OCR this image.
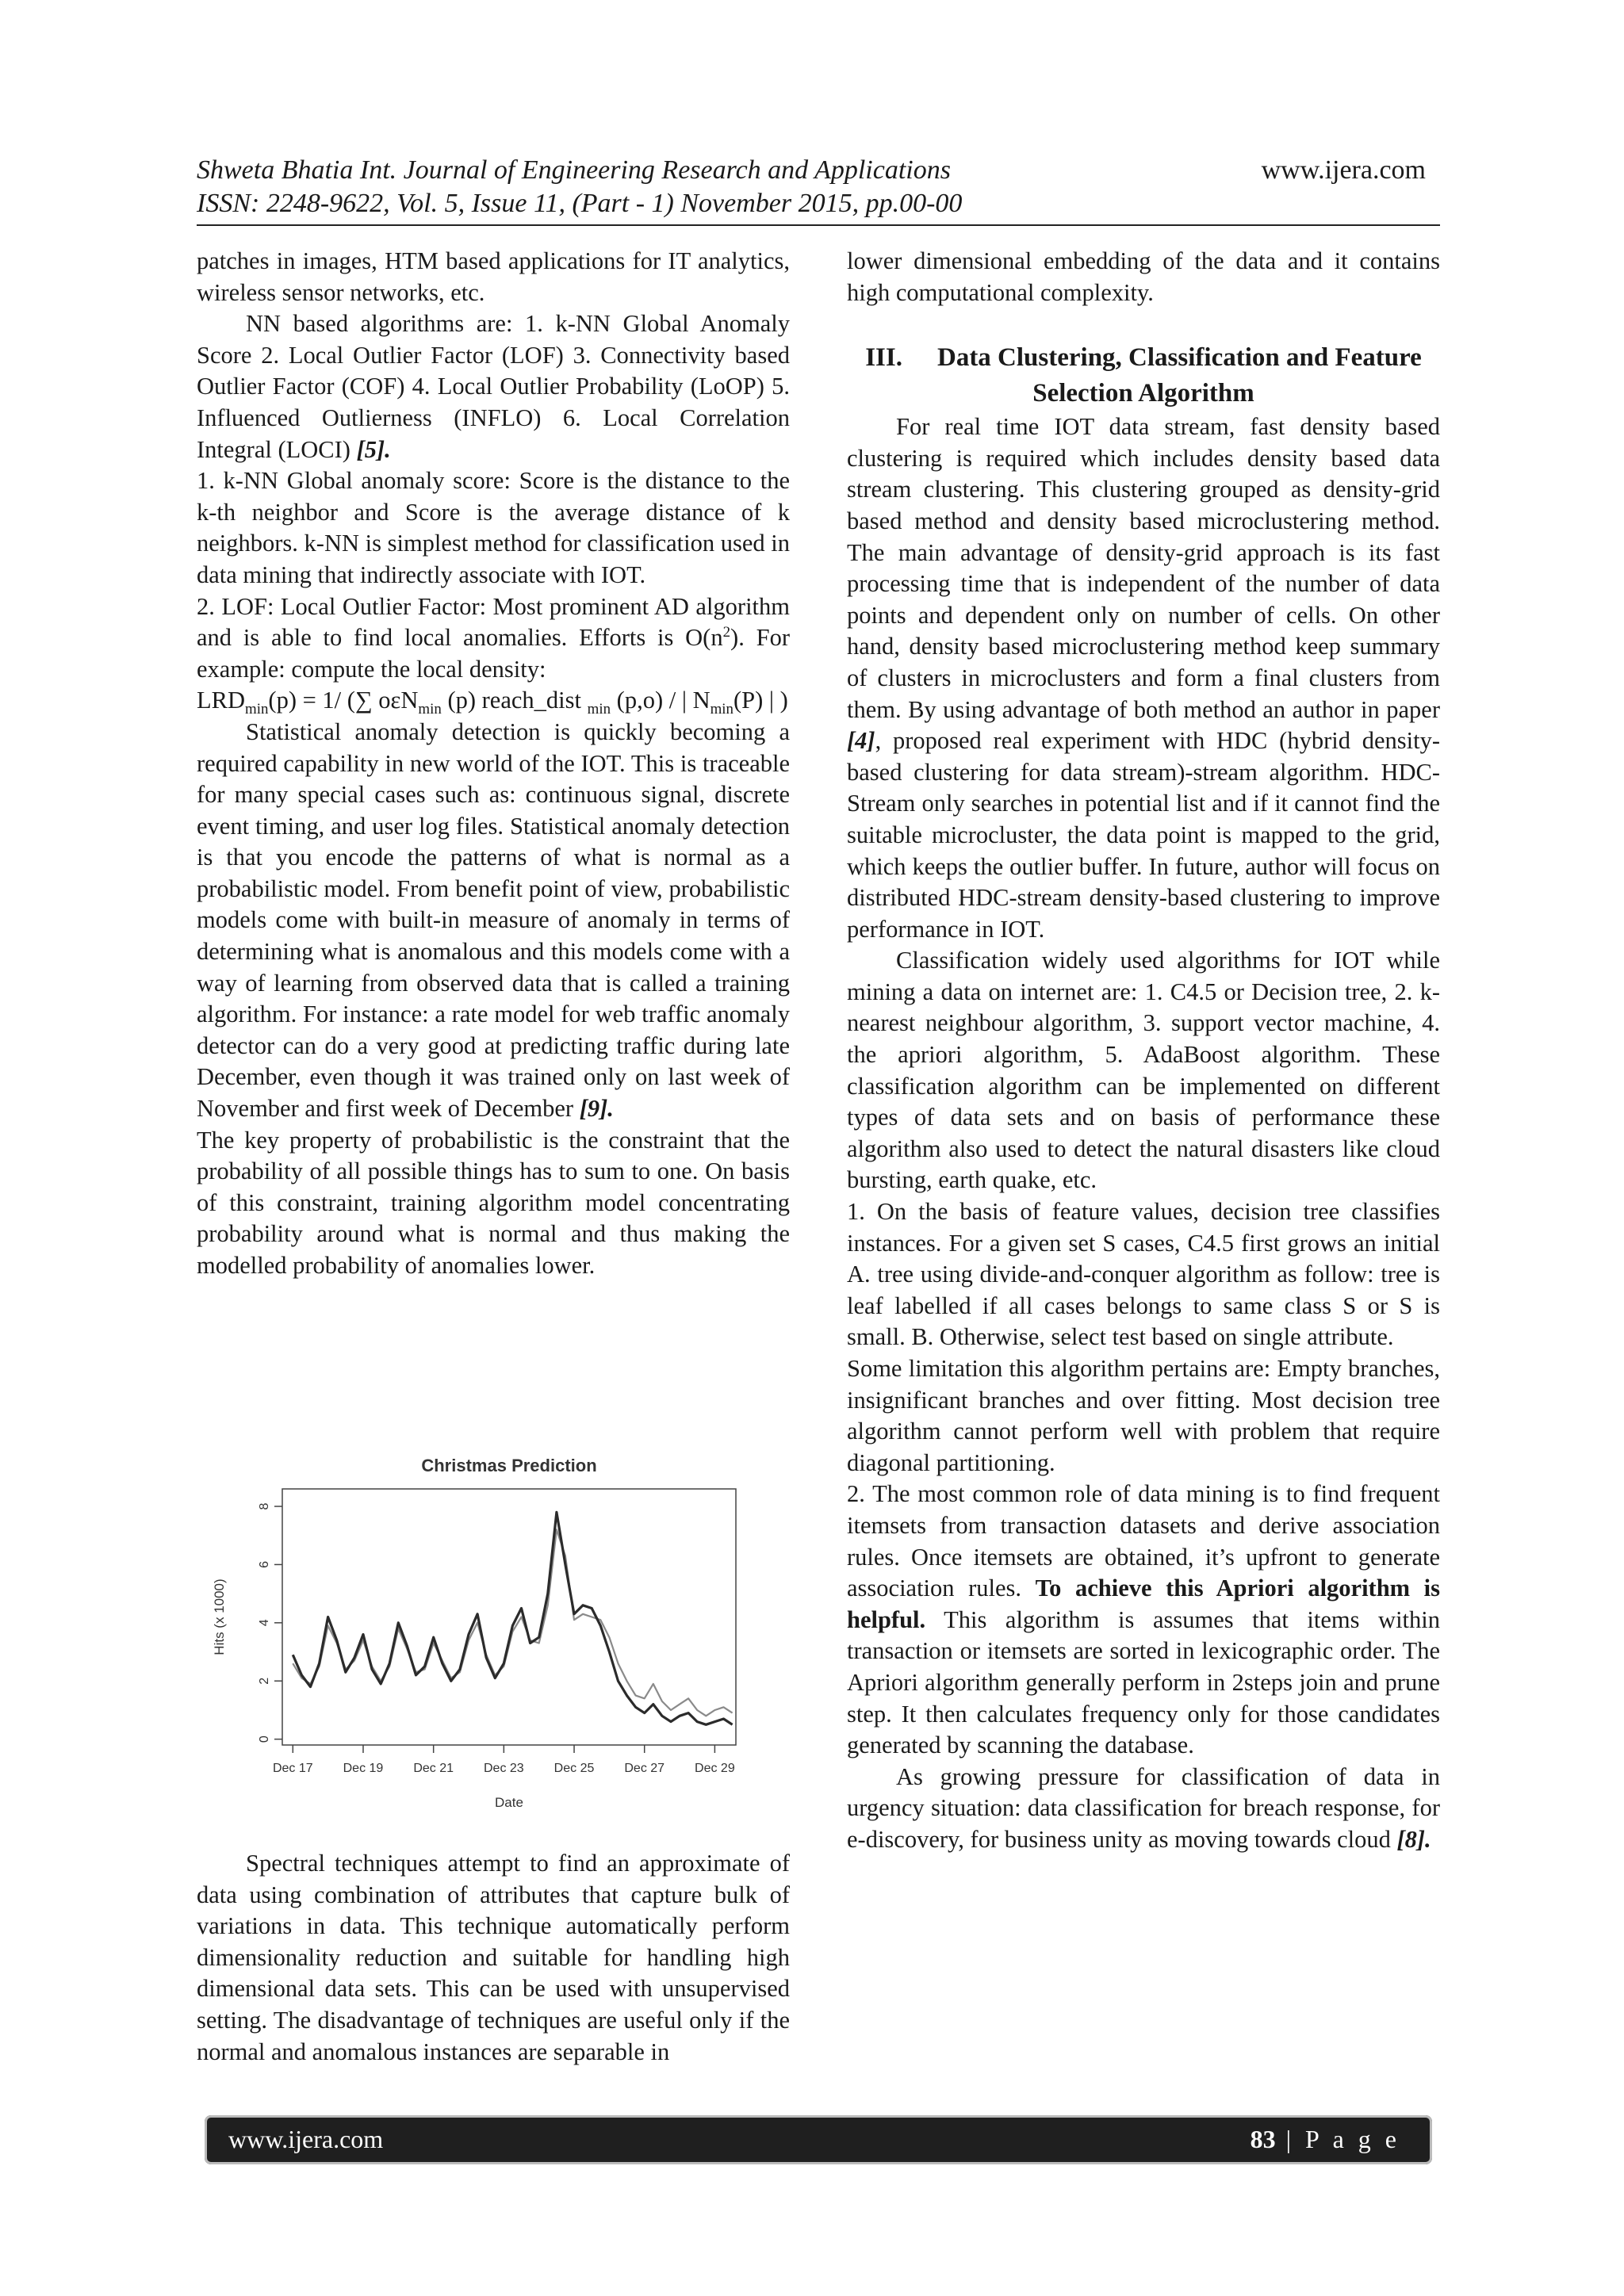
Shweta Bhatia Int. Journal of Engineering Research and Applications
ISSN: 2248-9622, Vol. 5, Issue 11, (Part - 1) November 2015, pp.00-00
www.ijera.com

patches in images, HTM based applications for IT analytics, wireless sensor networks, etc.

NN based algorithms are: 1. k-NN Global Anomaly Score 2. Local Outlier Factor (LOF) 3. Connectivity based Outlier Factor (COF) 4. Local Outlier Probability (LoOP) 5. Influenced Outlierness (INFLO) 6. Local Correlation Integral (LOCI) [5].

1. k-NN Global anomaly score: Score is the distance to the k-th neighbor and Score is the average distance of k neighbors. k-NN is simplest method for classification used in data mining that indirectly associate with IOT.

2. LOF: Local Outlier Factor: Most prominent AD algorithm and is able to find local anomalies. Efforts is $O(n^2)$. For example: compute the local density:

$LRD_{min}(p) = 1/$ (∑ oεN$_{min}$ (p) reach_dist $_{min}$ (p,o) / | $N_{min}(P)$ | )

Statistical anomaly detection is quickly becoming a required capability in new world of the IOT. This is traceable for many special cases such as: continuous signal, discrete event timing, and user log files. Statistical anomaly detection is that you encode the patterns of what is normal as a probabilistic model. From benefit point of view, probabilistic models come with built-in measure of anomaly in terms of determining what is anomalous and this models come with a way of learning from observed data that is called a training algorithm. For instance: a rate model for web traffic anomaly detector can do a very good at predicting traffic during late December, even though it was trained only on last week of November and first week of December [9].

The key property of probabilistic is the constraint that the probability of all possible things has to sum to one. On basis of this constraint, training algorithm model concentrating probability around what is normal and thus making the modelled probability of anomalies lower.

Christmas Prediction
0
2
4
6
8
Dec 17 Dec 19 Dec 21 Dec 23 Dec 25 Dec 27 Dec 29
Date
Hits (x 1000)

Spectral techniques attempt to find an approximate of data using combination of attributes that capture bulk of variations in data. This technique automatically perform dimensionality reduction and suitable for handling high dimensional data sets. This can be used with unsupervised setting. The disadvantage of techniques are useful only if the normal and anomalous instances are separable in

lower dimensional embedding of the data and it contains high computational complexity.

III. Data Clustering, Classification and Feature Selection Algorithm

For real time IOT data stream, fast density based clustering is required which includes density based data stream clustering. This clustering grouped as density-grid based method and density based microclustering method. The main advantage of density-grid approach is its fast processing time that is independent of the number of data points and dependent only on number of cells. On other hand, density based microclustering method keep summary of clusters in microclusters and form a final clusters from them. By using advantage of both method an author in paper [4], proposed real experiment with HDC (hybrid density-based clustering for data stream)-stream algorithm. HDC-Stream only searches in potential list and if it cannot find the suitable microcluster, the data point is mapped to the grid, which keeps the outlier buffer. In future, author will focus on distributed HDC-stream density-based clustering to improve performance in IOT.

Classification widely used algorithms for IOT while mining a data on internet are: 1. C4.5 or Decision tree, 2. k-nearest neighbour algorithm, 3. support vector machine, 4. the apriori algorithm, 5. AdaBoost algorithm. These classification algorithm can be implemented on different types of data sets and on basis of performance these algorithm also used to detect the natural disasters like cloud bursting, earth quake, etc.

1. On the basis of feature values, decision tree classifies instances. For a given set S cases, C4.5 first grows an initial A. tree using divide-and-conquer algorithm as follow: tree is leaf labelled if all cases belongs to same class S or S is small. B. Otherwise, select test based on single attribute.

Some limitation this algorithm pertains are: Empty branches, insignificant branches and over fitting. Most decision tree algorithm cannot perform well with problem that require diagonal partitioning.

2. The most common role of data mining is to find frequent itemsets from transaction datasets and derive association rules. Once itemsets are obtained, it’s upfront to generate association rules. To achieve this Apriori algorithm is helpful. This algorithm is assumes that items within transaction or itemsets are sorted in lexicographic order. The Apriori algorithm generally perform in 2steps join and prune step. It then calculates frequency only for those candidates generated by scanning the database.

As growing pressure for classification of data in urgency situation: data classification for breach response, for e-discovery, for business unity as moving towards cloud [8].

www.ijera.com	83 | P a g e
